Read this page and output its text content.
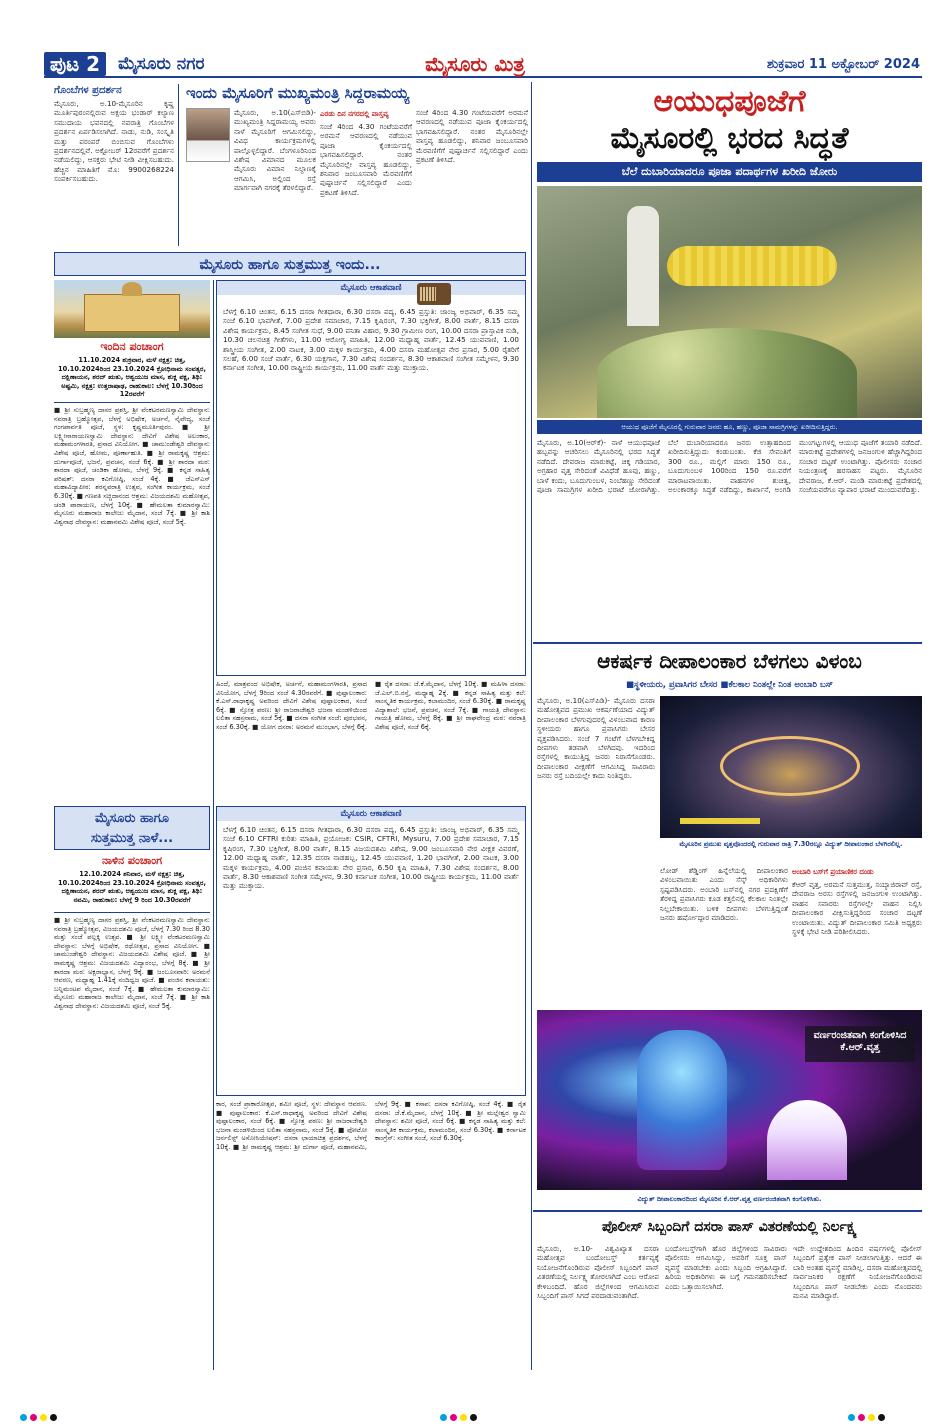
ಪುಟ 2	ಮೈಸೂರು ನಗರ	ಮೈಸೂರು ಮಿತ್ರ	ಶುಕ್ರವಾರ 11 ಅಕ್ಟೋಬರ್ 2024
ಗೊಂಬೆಗಳ ಪ್ರದರ್ಶನ
ಮೈಸೂರು, ಅ.10-ಮೈಸೂರಿನ ಕೃಷ್ಣ ಮೂರ್ತಿಪುರಂನಲ್ಲಿರುವ ಅಕ್ಷಯ ಭಂಡಾರ್ ಕಲ್ಯಾಣ ಸಮುದಾಯ ಭವನದಲ್ಲಿ ನವರಾತ್ರಿ ಗೊಂಬೆಗಳ ಪ್ರದರ್ಶನ ಏರ್ಪಡಿಸಲಾಗಿದೆ. ನಾಡು, ನುಡಿ, ಸಂಸ್ಕೃತಿ ಮತ್ತು ಪರಂಪರೆ ಬಿಂಬಿಸುವ ಗೊಂಬೆಗಳು ಪ್ರದರ್ಶನದಲ್ಲಿವೆ. ಅಕ್ಟೋಬರ್ 12ರವರೆಗೆ ಪ್ರದರ್ಶನ ನಡೆಯಲಿದ್ದು, ಆಸಕ್ತರು ಭೇಟಿ ನೀಡಿ ವೀಕ್ಷಿಸಬಹುದು. ಹೆಚ್ಚಿನ ಮಾಹಿತಿಗೆ ಮೊ: 9900268224 ಸಂಪರ್ಕಿಸಬಹುದು.
ಇಂದು ಮೈಸೂರಿಗೆ ಮುಖ್ಯಮಂತ್ರಿ ಸಿದ್ದರಾಮಯ್ಯ
ಮೈಸೂರು, ಅ.10(ಎಸ್‌ಬಿಡಿ)- ಮುಖ್ಯಮಂತ್ರಿ ಸಿದ್ದರಾಮಯ್ಯ ಅವರು ನಾಳೆ ಮೈಸೂರಿಗೆ ಆಗಮಿಸಲಿದ್ದು, ವಿವಿಧ ಕಾರ್ಯಕ್ರಮಗಳಲ್ಲಿ ಪಾಲ್ಗೊಳ್ಳಲಿದ್ದಾರೆ. ಬೆಂಗಳೂರಿನಿಂದ ವಿಶೇಷ ವಿಮಾನದ ಮೂಲಕ ಮೈಸೂರು ವಿಮಾನ ನಿಲ್ದಾಣಕ್ಕೆ ಆಗಮಿಸಿ, ಅಲ್ಲಿಂದ ರಸ್ತೆ ಮಾರ್ಗವಾಗಿ ನಗರಕ್ಕೆ ತೆರಳಲಿದ್ದಾರೆ.
ಎರಡು ದಿನ ನಗರದಲ್ಲಿ ವಾಸ್ತವ್ಯ
ಸಂಜೆ 4ರಿಂದ 4.30 ಗಂಟೆಯವರೆಗೆ ಅರಮನೆ ಆವರಣದಲ್ಲಿ ನಡೆಯುವ ಪೂಜಾ ಕೈಂಕರ್ಯದಲ್ಲಿ ಭಾಗವಹಿಸಲಿದ್ದಾರೆ. ನಂತರ ಮೈಸೂರಿನಲ್ಲೇ ವಾಸ್ತವ್ಯ ಹೂಡಲಿದ್ದು, ಶನಿವಾರ ಜಂಬೂಸವಾರಿ ಮೆರವಣಿಗೆಗೆ ಪುಷ್ಪಾರ್ಚನೆ ಸಲ್ಲಿಸಲಿದ್ದಾರೆ ಎಂದು ಪ್ರಕಟಣೆ ತಿಳಿಸಿದೆ.
ಸಂಜೆ 4ರಿಂದ 4.30 ಗಂಟೆಯವರೆಗೆ ಅರಮನೆ ಆವರಣದಲ್ಲಿ ನಡೆಯುವ ಪೂಜಾ ಕೈಂಕರ್ಯದಲ್ಲಿ ಭಾಗವಹಿಸಲಿದ್ದಾರೆ. ನಂತರ ಮೈಸೂರಿನಲ್ಲೇ ವಾಸ್ತವ್ಯ ಹೂಡಲಿದ್ದು, ಶನಿವಾರ ಜಂಬೂಸವಾರಿ ಮೆರವಣಿಗೆಗೆ ಪುಷ್ಪಾರ್ಚನೆ ಸಲ್ಲಿಸಲಿದ್ದಾರೆ ಎಂದು ಪ್ರಕಟಣೆ ತಿಳಿಸಿದೆ.
ಆಯುಧಪೂಜೆಗೆ
ಮೈಸೂರಲ್ಲಿ ಭರದ ಸಿದ್ಧತೆ
ಬೆಲೆ ದುಬಾರಿಯಾದರೂ ಪೂಜಾ ಪದಾರ್ಥಗಳ ಖರೀದಿ ಜೋರು
ಆಯುಧ ಪೂಜೆಗೆ ಮೈಸೂರಲ್ಲಿ ಗುರುವಾರ ಜನರು ಹೂ, ಹಣ್ಣು, ಪೂಜಾ ಸಾಮಗ್ರಿಗಳನ್ನು ಖರೀದಿಸುತ್ತಿದ್ದರು.
ಮೈಸೂರು, ಅ.10(ಆರ್‌ಕೆ)- ನಾಳೆ ಆಯುಧಪೂಜೆ ಹಬ್ಬವನ್ನು ಆಚರಿಸಲು ಮೈಸೂರಿನಲ್ಲಿ ಭರದ ಸಿದ್ಧತೆ ನಡೆದಿದೆ. ದೇವರಾಜ ಮಾರುಕಟ್ಟೆ, ಚಿಕ್ಕ ಗಡಿಯಾರ, ಅಗ್ರಹಾರ ವೃತ್ತ ಸೇರಿದಂತೆ ವಿವಿಧೆಡೆ ಹೂವು, ಹಣ್ಣು, ಬಾಳೆ ಕಂದು, ಬೂದುಗುಂಬಳ, ನಿಂಬೆಹಣ್ಣು ಸೇರಿದಂತೆ ಪೂಜಾ ಸಾಮಗ್ರಿಗಳ ಖರೀದಿ ಭರಾಟೆ ಜೋರಾಗಿತ್ತು. ಬೆಲೆ ದುಬಾರಿಯಾದರೂ ಜನರು ಉತ್ಸಾಹದಿಂದ ಖರೀದಿಸುತ್ತಿದ್ದುದು ಕಂಡುಬಂತು. ಕೆಜಿ ಸೇವಂತಿಗೆ 300 ರೂ., ಮಲ್ಲಿಗೆ ಮಾರು 150 ರೂ., ಬೂದುಗುಂಬಳ 100ರಿಂದ 150 ರೂ.ವರೆಗೆ ಮಾರಾಟವಾಯಿತು. ವಾಹನಗಳ ಶುಚಿತ್ವ, ಅಲಂಕಾರಕ್ಕೂ ಸಿದ್ಧತೆ ನಡೆದಿದ್ದು, ಕಾರ್ಖಾನೆ, ಅಂಗಡಿ ಮುಂಗಟ್ಟುಗಳಲ್ಲಿ ಆಯುಧ ಪೂಜೆಗೆ ತಯಾರಿ ನಡೆದಿದೆ. ಮಾರುಕಟ್ಟೆ ಪ್ರದೇಶಗಳಲ್ಲಿ ಜನಜಂಗುಳಿ ಹೆಚ್ಚಾಗಿದ್ದರಿಂದ ಸಂಚಾರ ದಟ್ಟಣೆ ಉಂಟಾಗಿತ್ತು. ಪೊಲೀಸರು ಸಂಚಾರ ನಿಯಂತ್ರಣಕ್ಕೆ ಹರಸಾಹಸ ಪಟ್ಟರು. ಮೈಸೂರಿನ ದೇವರಾಜ, ಕೆ.ಆರ್. ಮಂಡಿ ಮಾರುಕಟ್ಟೆ ಪ್ರದೇಶದಲ್ಲಿ ಸಂಜೆಯವರೆಗೂ ವ್ಯಾಪಾರ ಭರಾಟೆ ಮುಂದುವರೆದಿತ್ತು.
ಮೈಸೂರು ಹಾಗೂ ಸುತ್ತಮುತ್ತ ಇಂದು...
ಇಂದಿನ ಪಂಚಾಂಗ
11.10.2024 ಶುಕ್ರವಾರ, ಮಳೆ ನಕ್ಷತ್ರ: ಚಿತ್ತ, 10.10.2024ರಿಂದ 23.10.2024 ಕ್ರೋಧಿನಾಮ ಸಂವತ್ಸರ, ದಕ್ಷಿಣಾಯನ, ಶರದ್ ಋತು, ಆಶ್ವಯುಜ ಮಾಸ, ಶುಕ್ಲ ಪಕ್ಷ, ತಿಥಿ: ಅಷ್ಟಮಿ, ನಕ್ಷತ್ರ: ಉತ್ತರಾಷಾಢ, ರಾಹುಕಾಲ: ಬೆಳಗ್ಗೆ 10.30ರಿಂದ 12ರವರೆಗೆ
■ ಶ್ರೀ ಸುಬ್ರಹ್ಮಣ್ಯ ದಾಸರ ಪ್ರಶಸ್ತಿ, ಶ್ರೀ ವೆಂಕಟರಮಣಸ್ವಾಮಿ ದೇವಸ್ಥಾನ: ನವರಾತ್ರಿ ಬ್ರಹ್ಮೋತ್ಸವ, ಬೆಳಗ್ಗೆ ಅಭಿಷೇಕ, ಅರ್ಚನೆ, ನೈವೇದ್ಯ, ಸಂಜೆ ಗಂಗಪಾರ್ವತಿ ಪೂಜೆ, ಸ್ಥಳ: ಕೃಷ್ಣಮೂರ್ತಿಪುರಂ. ■ ಶ್ರೀ ಲಕ್ಷ್ಮೀನಾರಾಯಣಸ್ವಾಮಿ ದೇವಸ್ಥಾನ: ದೇವಿಗೆ ವಿಶೇಷ ಅಲಂಕಾರ, ಮಹಾಮಂಗಳಾರತಿ, ಪ್ರಸಾದ ವಿನಿಯೋಗ. ■ ಚಾಮುಂಡೇಶ್ವರಿ ದೇವಸ್ಥಾನ: ವಿಶೇಷ ಪೂಜೆ, ಹೋಮ, ಪೂರ್ಣಾಹುತಿ. ■ ಶ್ರೀ ರಾಮಕೃಷ್ಣ ಆಶ್ರಮ: ದುರ್ಗಾಪೂಜೆ, ಭಜನೆ, ಪ್ರವಚನ, ಸಂಜೆ 6ಕ್ಕೆ. ■ ಶ್ರೀ ಶಾರದಾ ಮಠ: ಶಾರದಾ ಪೂಜೆ, ಚಂಡಿಕಾ ಹೋಮ, ಬೆಳಗ್ಗೆ 9ಕ್ಕೆ. ■ ಕನ್ನಡ ಸಾಹಿತ್ಯ ಪರಿಷತ್: ದಸರಾ ಕವಿಗೋಷ್ಠಿ, ಸಂಜೆ 4ಕ್ಕೆ. ■ ಜೆಎಸ್‌ಎಸ್ ಮಹಾವಿದ್ಯಾಪೀಠ: ಶರನ್ನವರಾತ್ರಿ ಉತ್ಸವ, ಸಂಗೀತ ಕಾರ್ಯಕ್ರಮ, ಸಂಜೆ 6.30ಕ್ಕೆ. ■ ಗಣಪತಿ ಸಚ್ಚಿದಾನಂದ ಆಶ್ರಮ: ವಿಜಯದಶಮಿ ಮಹೋತ್ಸವ, ಚಂಡಿ ಪಾರಾಯಣ, ಬೆಳಗ್ಗೆ 10ಕ್ಕೆ. ■ ಹೇಮಲತಾ ಕುಮಾರಸ್ವಾಮಿ: ಮೈಸೂರು ಮಹಾರಾಜ ಕಾಲೇಜು ಮೈದಾನ, ಸಂಜೆ 7ಕ್ಕೆ. ■ ಶ್ರೀ ಕಾಶಿ ವಿಶ್ವನಾಥ ದೇವಸ್ಥಾನ: ಮಹಾನವಮಿ ವಿಶೇಷ ಪೂಜೆ, ಸಂಜೆ 5ಕ್ಕೆ.
ಮೈಸೂರು ಆಕಾಶವಾಣಿ
ಬೆಳಗ್ಗೆ 6.10 ಚಿಂತನ, 6.15 ದಸರಾ ಗೀತಧಾರಾ, 6.30 ದಸರಾ ಪದ್ಯ, 6.45 ಪ್ರಸ್ತುತಿ: ಜಾಂಜ್ಯ ಅಭಿವಾರ್, 6.35 ಸಮ್ಮ ಸಂಜೆ 6.10 ಭಾವಗೀತೆ, 7.00 ಪ್ರದೇಶ ಸಮಾಚಾರ, 7.15 ಕೃಷಿರಂಗ, 7.30 ಭಕ್ತಿಗೀತೆ, 8.00 ವಾರ್ತೆ, 8.15 ದಸರಾ ವಿಶೇಷ ಕಾರ್ಯಕ್ರಮ, 8.45 ಸಂಗೀತ ಸುಧೆ, 9.00 ವನಿತಾ ವಿಹಾರ, 9.30 ಗ್ರಾಮೀಣ ರಂಗ, 10.00 ದಸರಾ ಪ್ರಾಸ್ತಾವಿಕ ನುಡಿ, 10.30 ಚಲನಚಿತ್ರ ಗೀತೆಗಳು, 11.00 ಆರೋಗ್ಯ ಮಾಹಿತಿ, 12.00 ಮಧ್ಯಾಹ್ನ ವಾರ್ತೆ, 12.45 ಯುವವಾಣಿ, 1.00 ಶಾಸ್ತ್ರೀಯ ಸಂಗೀತ, 2.00 ನಾಟಕ, 3.00 ಮಕ್ಕಳ ಕಾರ್ಯಕ್ರಮ, 4.00 ದಸರಾ ಮಹೋತ್ಸವ ನೇರ ಪ್ರಸಾರ, 5.00 ರೈತರಿಗೆ ಸಲಹೆ, 6.00 ಸಂಜೆ ವಾರ್ತೆ, 6.30 ಯಕ್ಷಗಾನ, 7.30 ವಿಶೇಷ ಸಂದರ್ಶನ, 8.30 ಆಕಾಶವಾಣಿ ಸಂಗೀತ ಸಮ್ಮೇಳನ, 9.30 ಕರ್ನಾಟಕ ಸಂಗೀತ, 10.00 ರಾಷ್ಟ್ರೀಯ ಕಾರ್ಯಕ್ರಮ, 11.00 ವಾರ್ತೆ ಮತ್ತು ಮುಕ್ತಾಯ.
ಹಿಂದೆ, ಮಾತ್ರವಂದ ಅಭಿಷೇಕ, ಅರ್ಚನೆ, ಮಹಾಮಂಗಳಾರತಿ, ಪ್ರಸಾದ ವಿನಿಯೋಗ, ಬೆಳಗ್ಗೆ 9ರಿಂದ ಸಂಜೆ 4.30ರವರೆಗೆ. ■ ಪುಷ್ಪಾಲಂಕಾರ: ಕೆ.ಎಸ್.ರಾಧಾಕೃಷ್ಣ ಅವರಿಂದ ದೇವಿಗೆ ವಿಶೇಷ ಪುಷ್ಪಾಲಂಕಾರ, ಸಂಜೆ 6ಕ್ಕೆ. ■ ಸ್ತೋತ್ರ ಪಠಣ: ಶ್ರೀ ರಾಜರಾಜೇಶ್ವರಿ ಭಜನಾ ಮಂಡಳಿಯಿಂದ ಲಲಿತಾ ಸಹಸ್ರನಾಮ, ಸಂಜೆ 5ಕ್ಕೆ. ■ ದಸರಾ ಸಂಗೀತ ಸಂಜೆ: ಪುರಭವನ, ಸಂಜೆ 6.30ಕ್ಕೆ. ■ ಯೋಗ ದಸರಾ: ಅರಮನೆ ಮುಂಭಾಗ, ಬೆಳಗ್ಗೆ 6ಕ್ಕೆ. ■ ರೈತ ದಸರಾ: ಜೆ.ಕೆ.ಮೈದಾನ, ಬೆಳಗ್ಗೆ 10ಕ್ಕೆ. ■ ಮಹಿಳಾ ದಸರಾ: ಜೆ.ಎಲ್.ಬಿ.ರಸ್ತೆ, ಮಧ್ಯಾಹ್ನ 2ಕ್ಕೆ. ■ ಕನ್ನಡ ಸಾಹಿತ್ಯ ಮತ್ತು ಕಲೆ: ಸಾಂಸ್ಕೃತಿಕ ಕಾರ್ಯಕ್ರಮ, ಕಲಾಮಂದಿರ, ಸಂಜೆ 6.30ಕ್ಕೆ. ■ ರಾಮಕೃಷ್ಣ ವಿದ್ಯಾಶಾಲೆ: ಭಜನೆ, ಪ್ರವಚನ, ಸಂಜೆ 7ಕ್ಕೆ. ■ ಗಾಯತ್ರಿ ದೇವಸ್ಥಾನ: ಗಾಯತ್ರಿ ಹೋಮ, ಬೆಳಗ್ಗೆ 8ಕ್ಕೆ. ■ ಶ್ರೀ ರಾಘವೇಂದ್ರ ಮಠ: ನವರಾತ್ರಿ ವಿಶೇಷ ಪೂಜೆ, ಸಂಜೆ 6ಕ್ಕೆ.
ಮೈಸೂರು ಹಾಗೂ
ಸುತ್ತಮುತ್ತ ನಾಳೆ...
ನಾಳಿನ ಪಂಚಾಂಗ
12.10.2024 ಶನಿವಾರ, ಮಳೆ ನಕ್ಷತ್ರ: ಚಿತ್ತ, 10.10.2024ರಿಂದ 23.10.2024 ಕ್ರೋಧಿನಾಮ ಸಂವತ್ಸರ, ದಕ್ಷಿಣಾಯನ, ಶರದ್ ಋತು, ಆಶ್ವಯುಜ ಮಾಸ, ಶುಕ್ಲ ಪಕ್ಷ, ತಿಥಿ: ನವಮಿ, ರಾಹುಕಾಲ: ಬೆಳಗ್ಗೆ 9 ರಿಂದ 10.30ರವರೆಗೆ
■ ಶ್ರೀ ಸುಬ್ರಹ್ಮಣ್ಯ ದಾಸರ ಪ್ರಶಸ್ತಿ, ಶ್ರೀ ವೆಂಕಟರಮಣಸ್ವಾಮಿ ದೇವಸ್ಥಾನ: ನವರಾತ್ರಿ ಬ್ರಹ್ಮೋತ್ಸವ, ವಿಜಯದಶಮಿ ಪೂಜೆ, ಬೆಳಗ್ಗೆ 7.30 ರಿಂದ 8.30 ಮತ್ತು ಸಂಜೆ ಪಲ್ಲಕ್ಕಿ ಉತ್ಸವ. ■ ಶ್ರೀ ಲಕ್ಷ್ಮೀ ವೆಂಕಟರಮಣಸ್ವಾಮಿ ದೇವಸ್ಥಾನ: ಬೆಳಗ್ಗೆ ಅಭಿಷೇಕ, ರಥೋತ್ಸವ, ಪ್ರಸಾದ ವಿನಿಯೋಗ. ■ ಚಾಮುಂಡೇಶ್ವರಿ ದೇವಸ್ಥಾನ: ವಿಜಯದಶಮಿ ವಿಶೇಷ ಪೂಜೆ. ■ ಶ್ರೀ ರಾಮಕೃಷ್ಣ ಆಶ್ರಮ: ವಿಜಯದಶಮಿ ವಿದ್ಯಾರಂಭ, ಬೆಳಗ್ಗೆ 8ಕ್ಕೆ. ■ ಶ್ರೀ ಶಾರದಾ ಮಠ: ಅಕ್ಷರಾಭ್ಯಾಸ, ಬೆಳಗ್ಗೆ 9ಕ್ಕೆ. ■ ಜಂಬೂಸವಾರಿ: ಅರಮನೆ ಆವರಣ, ಮಧ್ಯಾಹ್ನ 1.41ಕ್ಕೆ ನಂದಿಧ್ವಜ ಪೂಜೆ. ■ ಪಂಜಿನ ಕವಾಯತು: ಬನ್ನಿಮಂಟಪ ಮೈದಾನ, ಸಂಜೆ 7ಕ್ಕೆ. ■ ಹೇಮಲತಾ ಕುಮಾರಸ್ವಾಮಿ: ಮೈಸೂರು ಮಹಾರಾಜ ಕಾಲೇಜು ಮೈದಾನ, ಸಂಜೆ 7ಕ್ಕೆ. ■ ಶ್ರೀ ಕಾಶಿ ವಿಶ್ವನಾಥ ದೇವಸ್ಥಾನ: ವಿಜಯದಶಮಿ ಪೂಜೆ, ಸಂಜೆ 5ಕ್ಕೆ.
ಮೈಸೂರು ಆಕಾಶವಾಣಿ
ಬೆಳಗ್ಗೆ 6.10 ಚಿಂತನ, 6.15 ದಸರಾ ಗೀತಧಾರಾ, 6.30 ದಸರಾ ಪದ್ಯ, 6.45 ಪ್ರಸ್ತುತಿ: ಜಾಂಜ್ಯ ಅಭಿವಾರ್, 6.35 ಸಮ್ಮ ಸಂಜೆ 6.10 CFTRI ಕುರಿತು ಮಾಹಿತಿ, ಪ್ರಯೋಜಕ: CSIR, CFTRI, Mysuru, 7.00 ಪ್ರದೇಶ ಸಮಾಚಾರ, 7.15 ಕೃಷಿರಂಗ, 7.30 ಭಕ್ತಿಗೀತೆ, 8.00 ವಾರ್ತೆ, 8.15 ವಿಜಯದಶಮಿ ವಿಶೇಷ, 9.00 ಜಂಬೂಸವಾರಿ ನೇರ ವೀಕ್ಷಕ ವಿವರಣೆ, 12.00 ಮಧ್ಯಾಹ್ನ ವಾರ್ತೆ, 12.35 ದಸರಾ ನಾಡಹಬ್ಬ, 12.45 ಯುವವಾಣಿ, 1.20 ಭಾವಗೀತೆ, 2.00 ನಾಟಕ, 3.00 ಮಕ್ಕಳ ಕಾರ್ಯಕ್ರಮ, 4.00 ಪಂಜಿನ ಕವಾಯತು ನೇರ ಪ್ರಸಾರ, 6.50 ಕೃಷಿ ಮಾಹಿತಿ, 7.30 ವಿಶೇಷ ಸಂದರ್ಶನ, 8.00 ವಾರ್ತೆ, 8.30 ಆಕಾಶವಾಣಿ ಸಂಗೀತ ಸಮ್ಮೇಳನ, 9.30 ಕರ್ನಾಟಕ ಸಂಗೀತ, 10.00 ರಾಷ್ಟ್ರೀಯ ಕಾರ್ಯಕ್ರಮ, 11.00 ವಾರ್ತೆ ಮತ್ತು ಮುಕ್ತಾಯ.
ಕಾರ, ಸಂಜೆ ಪ್ರಾಕಾರೋತ್ಸವ, ಶಮೀ ಪೂಜೆ, ಸ್ಥಳ: ದೇವಸ್ಥಾನ ಆವರಣ. ■ ಪುಷ್ಪಾಲಂಕಾರ: ಕೆ.ಎಸ್.ರಾಧಾಕೃಷ್ಣ ಅವರಿಂದ ದೇವಿಗೆ ವಿಶೇಷ ಪುಷ್ಪಾಲಂಕಾರ, ಸಂಜೆ 6ಕ್ಕೆ. ■ ಸ್ತೋತ್ರ ಪಠಣ: ಶ್ರೀ ರಾಜರಾಜೇಶ್ವರಿ ಭಜನಾ ಮಂಡಳಿಯಿಂದ ಲಲಿತಾ ಸಹಸ್ರನಾಮ, ಸಂಜೆ 5ಕ್ಕೆ. ■ ಫೋಟೋ ಜರ್ನಲಿಸ್ಟ್ ಅಸೋಸಿಯೇಷನ್: ದಸರಾ ಛಾಯಾಚಿತ್ರ ಪ್ರದರ್ಶನ, ಬೆಳಗ್ಗೆ 10ಕ್ಕೆ. ■ ಶ್ರೀ ರಾಮಕೃಷ್ಣ ಆಶ್ರಮ: ಶ್ರೀ ದುರ್ಗಾ ಪೂಜೆ, ಮಹಾನವಮಿ, ಬೆಳಗ್ಗೆ 9ಕ್ಕೆ. ■ ಕಸಾಪ: ದಸರಾ ಕವಿಗೋಷ್ಠಿ, ಸಂಜೆ 4ಕ್ಕೆ. ■ ರೈತ ದಸರಾ: ಜೆ.ಕೆ.ಮೈದಾನ, ಬೆಳಗ್ಗೆ 10ಕ್ಕೆ. ■ ಶ್ರೀ ಮಲ್ಲೇಶ್ವರ ಸ್ವಾಮಿ ದೇವಸ್ಥಾನ: ಶಮೀ ಪೂಜೆ, ಸಂಜೆ 6ಕ್ಕೆ. ■ ಕನ್ನಡ ಸಾಹಿತ್ಯ ಮತ್ತು ಕಲೆ: ಸಾಂಸ್ಕೃತಿಕ ಕಾರ್ಯಕ್ರಮ, ಕಲಾಮಂದಿರ, ಸಂಜೆ 6.30ಕ್ಕೆ. ■ ಕರ್ನಾಟಕ ಕಾಂಗ್ರೆಸ್: ಸಂಗೀತ ಸಂಜೆ, ಸಂಜೆ 6.30ಕ್ಕೆ.
ಆಕರ್ಷಕ ದೀಪಾಲಂಕಾರ ಬೆಳಗಲು ವಿಳಂಬ
■ಸ್ಥಳೀಯರು, ಪ್ರವಾಸಿಗರ ಬೇಸರ ■ಕೆಲಕಾಲ ನಿಂತಲ್ಲೇ ನಿಂತ ಅಂಬಾರಿ ಬಸ್
ಮೈಸೂರು, ಅ.10(ಎಸ್‌ಪಿಡಿ)- ಮೈಸೂರು ದಸರಾ ಮಹೋತ್ಸವದ ಪ್ರಮುಖ ಆಕರ್ಷಣೆಯಾದ ವಿದ್ಯುತ್ ದೀಪಾಲಂಕಾರ ಬೆಳಗುವುದರಲ್ಲಿ ವಿಳಂಬವಾದ ಕಾರಣ ಸ್ಥಳೀಯರು ಹಾಗೂ ಪ್ರವಾಸಿಗರು ಬೇಸರ ವ್ಯಕ್ತಪಡಿಸಿದರು. ಸಂಜೆ 7 ಗಂಟೆಗೆ ಬೆಳಗಬೇಕಿದ್ದ ದೀಪಗಳು ತಡವಾಗಿ ಬೆಳಗಿದವು. ಇದರಿಂದ ರಸ್ತೆಗಳಲ್ಲಿ ಕಾಯುತ್ತಿದ್ದ ಜನರು ನಿರಾಸೆಗೊಂಡರು. ದೀಪಾಲಂಕಾರ ವೀಕ್ಷಣೆಗೆ ಆಗಮಿಸಿದ್ದ ಸಾವಿರಾರು ಜನರು ರಸ್ತೆ ಬದಿಯಲ್ಲೇ ಕಾದು ನಿಂತಿದ್ದರು.
ಮೈಸೂರಿನ ಪ್ರಮುಖ ವೃತ್ತವೊಂದರಲ್ಲಿ ಗುರುವಾರ ರಾತ್ರಿ 7.30ರಲ್ಲೂ ವಿದ್ಯುತ್ ದೀಪಾಲಂಕಾರ ಬೆಳಗಿರಲಿಲ್ಲ.
ಲೋಡ್ ಶೆಡ್ಡಿಂಗ್ ಹಿನ್ನೆಲೆಯಲ್ಲಿ ದೀಪಾಲಂಕಾರ ವಿಳಂಬವಾಯಿತು ಎಂದು ಸೆಸ್ಕ್ ಅಧಿಕಾರಿಗಳು ಸ್ಪಷ್ಟಪಡಿಸಿದರು. ಅಂಬಾರಿ ಬಸ್‌ನಲ್ಲಿ ನಗರ ಪ್ರದಕ್ಷಿಣೆಗೆ ತೆರಳಿದ್ದ ಪ್ರವಾಸಿಗರು ಕೂಡ ಕತ್ತಲಿನಲ್ಲಿ ಕೆಲಕಾಲ ನಿಂತಲ್ಲೇ ನಿಲ್ಲಬೇಕಾಯಿತು. ಬಳಿಕ ದೀಪಗಳು ಬೆಳಗುತ್ತಿದ್ದಂತೆ ಜನರು ಹರ್ಷೋದ್ಗಾರ ಮಾಡಿದರು.
ಅಂಬಾರಿ ಬಸ್‌ಗೆ ಪ್ರಯಾಣಿಕರ ದಂಡು
ಕೆಆರ್ ವೃತ್ತ, ಅರಮನೆ ಸುತ್ತಮುತ್ತ, ಸಯ್ಯಾಜಿರಾವ್ ರಸ್ತೆ, ದೇವರಾಜ ಅರಸು ರಸ್ತೆಗಳಲ್ಲಿ ಜನಜಂಗುಳಿ ಉಂಟಾಗಿತ್ತು. ವಾಹನ ಸವಾರರು ರಸ್ತೆಗಳಲ್ಲೇ ವಾಹನ ನಿಲ್ಲಿಸಿ ದೀಪಾಲಂಕಾರ ವೀಕ್ಷಿಸುತ್ತಿದ್ದರಿಂದ ಸಂಚಾರ ದಟ್ಟಣೆ ಉಂಟಾಯಿತು. ವಿದ್ಯುತ್ ದೀಪಾಲಂಕಾರ ಸಮಿತಿ ಅಧ್ಯಕ್ಷರು ಸ್ಥಳಕ್ಕೆ ಭೇಟಿ ನೀಡಿ ಪರಿಶೀಲಿಸಿದರು.
ವರ್ಣರಂಜಿತವಾಗಿ ಕಂಗೊಳಿಸಿದ ಕೆ.ಆರ್.ವೃತ್ತ
ವಿದ್ಯುತ್ ದೀಪಾಲಂಕಾರದಿಂದ ಮೈಸೂರಿನ ಕೆ.ಆರ್.ವೃತ್ತ ವರ್ಣರಂಜಿತವಾಗಿ ಕಂಗೊಳಿಸಿತು.
ಪೊಲೀಸ್ ಸಿಬ್ಬಂದಿಗೆ ದಸರಾ ಪಾಸ್ ವಿತರಣೆಯಲ್ಲಿ ನಿರ್ಲಕ್ಷ್ಯ
ಮೈಸೂರು, ಅ.10- ವಿಶ್ವವಿಖ್ಯಾತ ದಸರಾ ಮಹೋತ್ಸವ ಬಂದೋಬಸ್ತ್ ಕರ್ತವ್ಯಕ್ಕೆ ನಿಯೋಜನೆಗೊಂಡಿರುವ ಪೊಲೀಸ್ ಸಿಬ್ಬಂದಿಗೆ ಪಾಸ್ ವಿತರಣೆಯಲ್ಲಿ ನಿರ್ಲಕ್ಷ್ಯ ತೋರಲಾಗಿದೆ ಎಂಬ ಆರೋಪ ಕೇಳಿಬಂದಿದೆ. ಹೊರ ಜಿಲ್ಲೆಗಳಿಂದ ಆಗಮಿಸಿರುವ ಸಿಬ್ಬಂದಿಗೆ ಪಾಸ್ ಸಿಗದೆ ಪರದಾಡುವಂತಾಗಿದೆ.
ಬಂದೋಬಸ್ತ್‌ಗಾಗಿ ಹೊರ ಜಿಲ್ಲೆಗಳಿಂದ ಸಾವಿರಾರು ಪೊಲೀಸರು ಆಗಮಿಸಿದ್ದು, ಅವರಿಗೆ ಸೂಕ್ತ ಪಾಸ್ ವ್ಯವಸ್ಥೆ ಮಾಡಬೇಕು ಎಂದು ಸಿಬ್ಬಂದಿ ಆಗ್ರಹಿಸಿದ್ದಾರೆ. ಹಿರಿಯ ಅಧಿಕಾರಿಗಳು ಈ ಬಗ್ಗೆ ಗಮನಹರಿಸಬೇಕಿದೆ ಎಂದು ಒತ್ತಾಯಿಸಲಾಗಿದೆ.
ಇದೇ ಉದ್ದೇಶದಿಂದ ಹಿಂದಿನ ವರ್ಷಗಳಲ್ಲಿ ಪೊಲೀಸ್ ಸಿಬ್ಬಂದಿಗೆ ಪ್ರತ್ಯೇಕ ಪಾಸ್ ನೀಡಲಾಗುತ್ತಿತ್ತು. ಆದರೆ ಈ ಬಾರಿ ಅಂತಹ ವ್ಯವಸ್ಥೆ ಮಾಡಿಲ್ಲ. ದಸರಾ ಮಹೋತ್ಸವದಲ್ಲಿ ಸಾರ್ವಜನಿಕರ ರಕ್ಷಣೆಗೆ ನಿಯೋಜನೆಗೊಂಡಿರುವ ಸಿಬ್ಬಂದಿಗೂ ಪಾಸ್ ನೀಡಬೇಕು ಎಂದು ನೊಂದವರು ಮನವಿ ಮಾಡಿದ್ದಾರೆ.
